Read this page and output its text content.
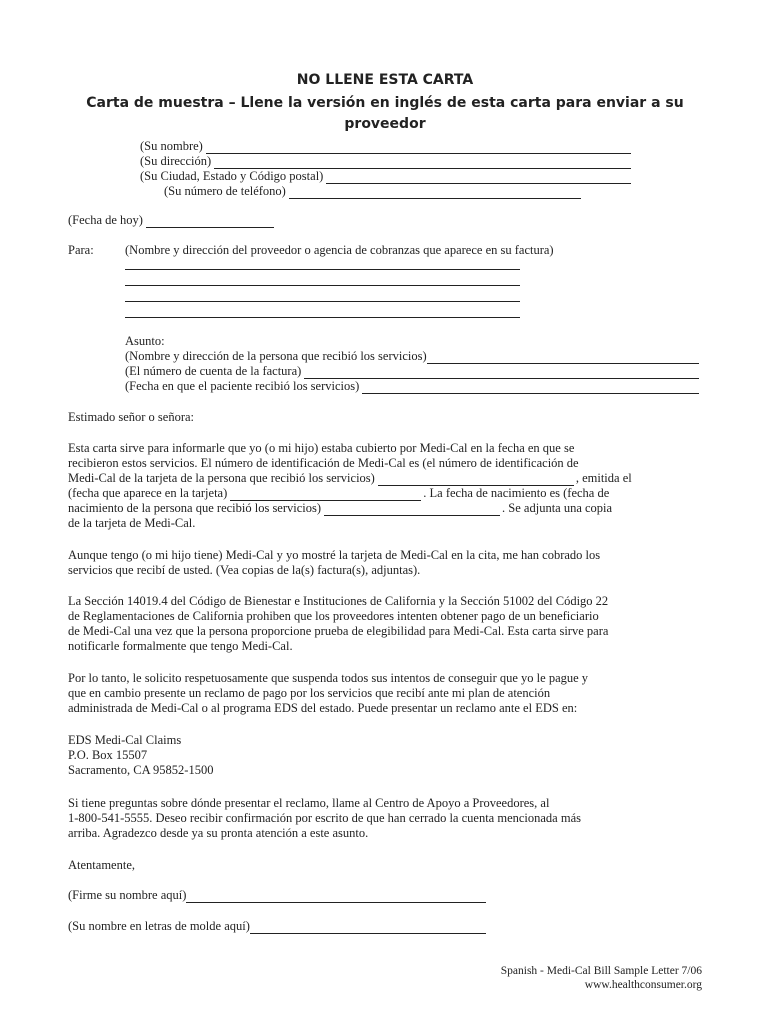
NO LLENE ESTA CARTA
Carta de muestra – Llene la versión en inglés de esta carta para enviar a su
proveedor
(Su nombre)
(Su dirección)
(Su Ciudad, Estado y Código postal)
(Su número de teléfono)
(Fecha de hoy)
Para:	(Nombre y dirección del proveedor o agencia de cobranzas que aparece en su factura)
Asunto:
(Nombre y dirección de la persona que recibió los servicios)
(El número de cuenta de la factura)
(Fecha en que el paciente recibió los servicios)
Estimado señor o señora:
Esta carta sirve para informarle que yo (o mi hijo) estaba cubierto por Medi-Cal en la fecha en que se
recibieron estos servicios. El número de identificación de Medi-Cal es (el número de identificación de
Medi-Cal de la tarjeta de la persona que recibió los servicios)	, emitida el
(fecha que aparece en la tarjeta)	. La fecha de nacimiento es (fecha de
nacimiento de la persona que recibió los servicios)	. Se adjunta una copia
de la tarjeta de Medi-Cal.
Aunque tengo (o mi hijo tiene) Medi-Cal y yo mostré la tarjeta de Medi-Cal en la cita, me han cobrado los
servicios que recibí de usted. (Vea copias de la(s) factura(s), adjuntas).
La Sección 14019.4 del Código de Bienestar e Instituciones de California y la Sección 51002 del Código 22
de Reglamentaciones de California prohiben que los proveedores intenten obtener pago de un beneficiario
de Medi-Cal una vez que la persona proporcione prueba de elegibilidad para Medi-Cal. Esta carta sirve para
notificarle formalmente que tengo Medi-Cal.
Por lo tanto, le solicito respetuosamente que suspenda todos sus intentos de conseguir que yo le pague y
que en cambio presente un reclamo de pago por los servicios que recibí ante mi plan de atención
administrada de Medi-Cal o al programa EDS del estado. Puede presentar un reclamo ante el EDS en:
EDS Medi-Cal Claims
P.O. Box 15507
Sacramento, CA 95852-1500
Si tiene preguntas sobre dónde presentar el reclamo, llame al Centro de Apoyo a Proveedores, al
1-800-541-5555. Deseo recibir confirmación por escrito de que han cerrado la cuenta mencionada más
arriba. Agradezco desde ya su pronta atención a este asunto.
Atentamente,
(Firme su nombre aquí)
(Su nombre en letras de molde aquí)
Spanish - Medi-Cal Bill Sample Letter 7/06
www.healthconsumer.org
